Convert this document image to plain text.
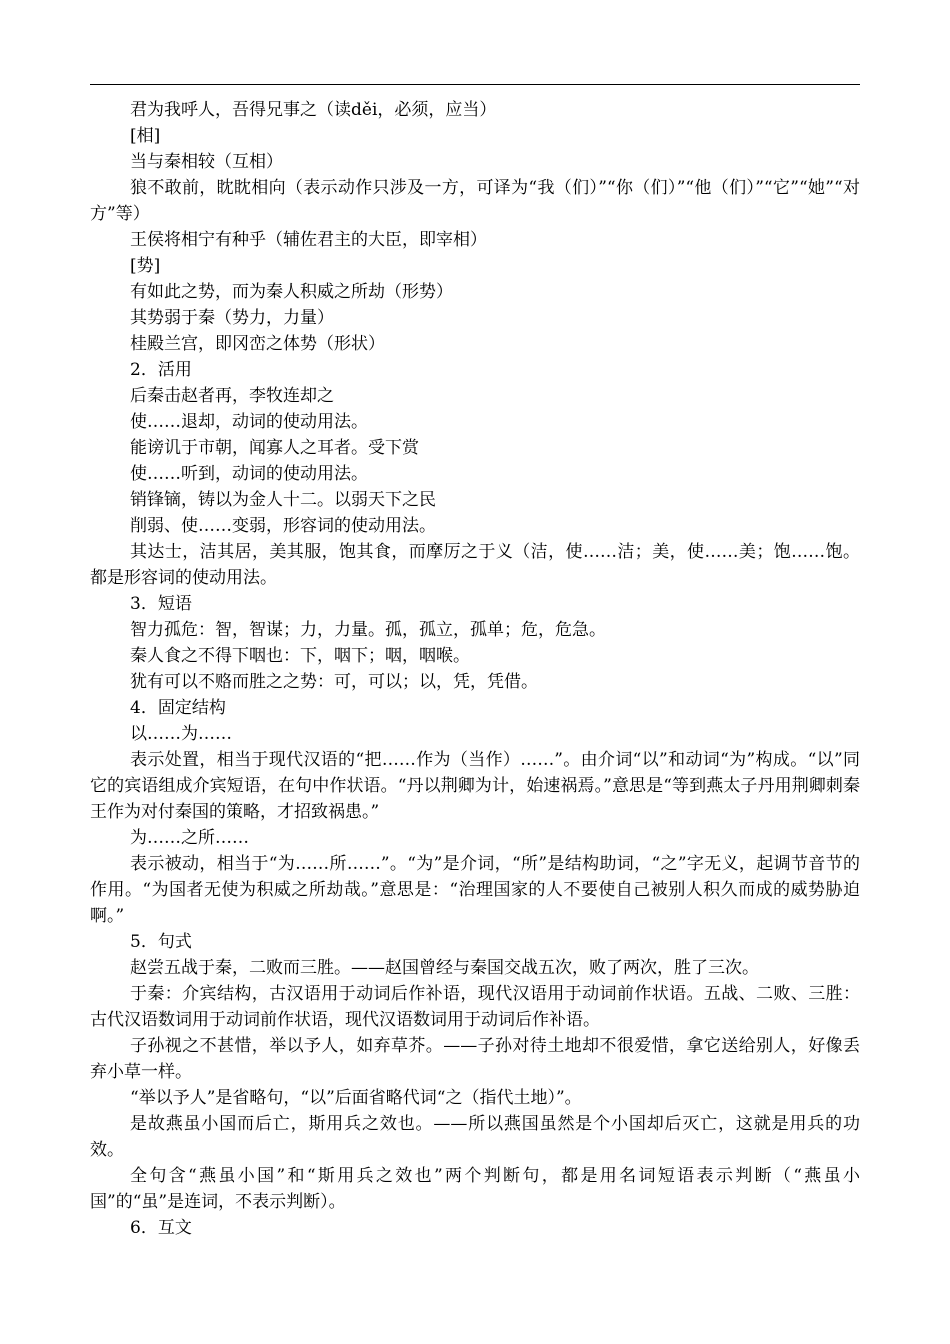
君为我呼人，吾得兄事之（读děi，必须，应当）

[相]

当与秦相较（互相）

狼不敢前，眈眈相向（表示动作只涉及一方，可译为“我（们）”“你（们）”“他（们）”“它”“她”“对方”等）

王侯将相宁有种乎（辅佐君主的大臣，即宰相）

[势]

有如此之势，而为秦人积威之所劫（形势）

其势弱于秦（势力，力量）

桂殿兰宫，即冈峦之体势（形状）

2．活用

后秦击赵者再，李牧连却之

使……退却，动词的使动用法。

能谤讥于市朝，闻寡人之耳者。受下赏

使……听到，动词的使动用法。

销锋镝，铸以为金人十二。以弱天下之民

削弱、使……变弱，形容词的使动用法。

其达士，洁其居，美其服，饱其食，而摩厉之于义（洁，使……洁；美，使……美；饱……饱。都是形容词的使动用法。

3．短语

智力孤危：智，智谋；力，力量。孤，孤立，孤单；危，危急。

秦人食之不得下咽也：下，咽下；咽，咽喉。

犹有可以不赂而胜之之势：可，可以；以，凭，凭借。

4．固定结构

以……为……

表示处置，相当于现代汉语的“把……作为（当作）……”。由介词“以”和动词“为”构成。“以”同它的宾语组成介宾短语，在句中作状语。“丹以荆卿为计，始速祸焉。”意思是“等到燕太子丹用荆卿刺秦王作为对付秦国的策略，才招致祸患。”

为……之所……

表示被动，相当于“为……所……”。“为”是介词，“所”是结构助词，“之”字无义，起调节音节的作用。“为国者无使为积威之所劫哉。”意思是：“治理国家的人不要使自己被别人积久而成的威势胁迫啊。”

5．句式

赵尝五战于秦，二败而三胜。——赵国曾经与秦国交战五次，败了两次，胜了三次。

于秦：介宾结构，古汉语用于动词后作补语，现代汉语用于动词前作状语。五战、二败、三胜：古代汉语数词用于动词前作状语，现代汉语数词用于动词后作补语。

子孙视之不甚惜，举以予人，如弃草芥。——子孙对待土地却不很爱惜，拿它送给别人，好像丢弃小草一样。

“举以予人”是省略句，“以”后面省略代词“之（指代土地）”。

是故燕虽小国而后亡，斯用兵之效也。——所以燕国虽然是个小国却后灭亡，这就是用兵的功效。

全句含“燕虽小国”和“斯用兵之效也”两个判断句，都是用名词短语表示判断（“燕虽小国”的“虽”是连词，不表示判断）。

6．互文
